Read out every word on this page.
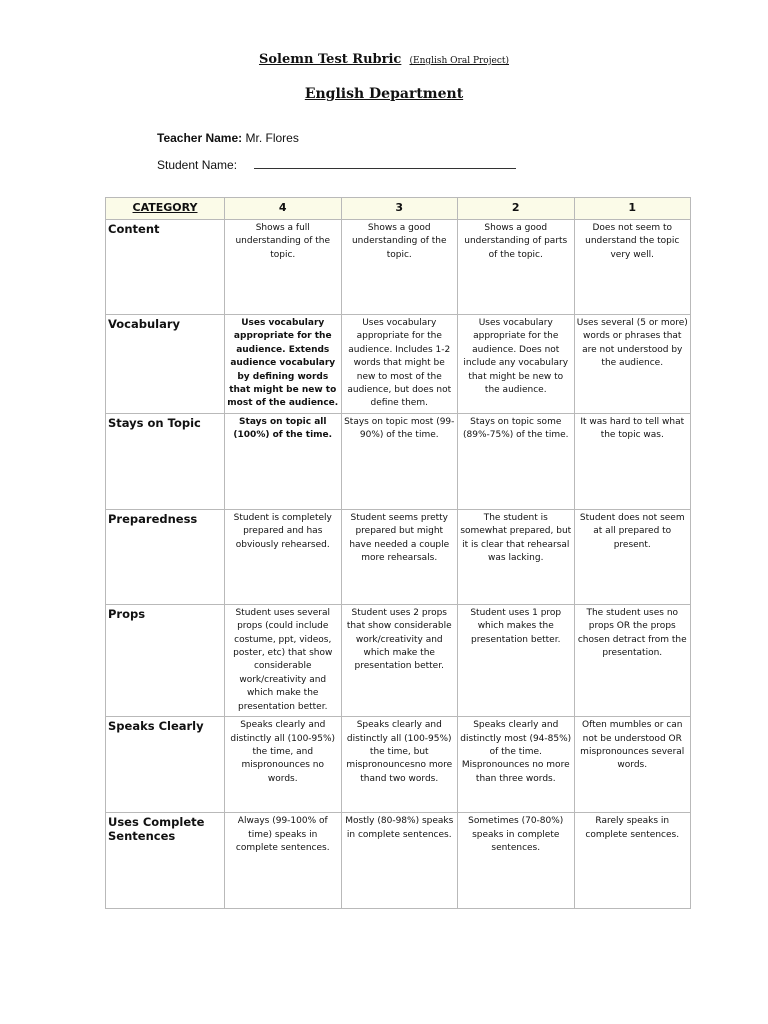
Solemn Test Rubric (English Oral Project)
English Department
Teacher Name: Mr. Flores
Student Name:
CATEGORY	4	3	2	1
Content	Shows a full understanding of the topic.	Shows a good understanding of the topic.	Shows a good understanding of parts of the topic.	Does not seem to understand the topic very well.
Vocabulary	Uses vocabulary appropriate for the audience. Extends audience vocabulary by defining words that might be new to most of the audience.	Uses vocabulary appropriate for the audience. Includes 1-2 words that might be new to most of the audience, but does not define them.	Uses vocabulary appropriate for the audience. Does not include any vocabulary that might be new to the audience.	Uses several (5 or more) words or phrases that are not understood by the audience.
Stays on Topic	Stays on topic all (100%) of the time.	Stays on topic most (99-90%) of the time.	Stays on topic some (89%-75%) of the time.	It was hard to tell what the topic was.
Preparedness	Student is completely prepared and has obviously rehearsed.	Student seems pretty prepared but might have needed a couple more rehearsals.	The student is somewhat prepared, but it is clear that rehearsal was lacking.	Student does not seem at all prepared to present.
Props	Student uses several props (could include costume, ppt, videos, poster, etc) that show considerable work/creativity and which make the presentation better.	Student uses 2 props that show considerable work/creativity and which make the presentation better.	Student uses 1 prop which makes the presentation better.	The student uses no props OR the props chosen detract from the presentation.
Speaks Clearly	Speaks clearly and distinctly all (100-95%) the time, and mispronounces no words.	Speaks clearly and distinctly all (100-95%) the time, but mispronouncesno more thand two words.	Speaks clearly and distinctly most (94-85%) of the time. Mispronounces no more than three words.	Often mumbles or can not be understood OR mispronounces several words.
Uses Complete Sentences	Always (99-100% of time) speaks in complete sentences.	Mostly (80-98%) speaks in complete sentences.	Sometimes (70-80%) speaks in complete sentences.	Rarely speaks in complete sentences.
